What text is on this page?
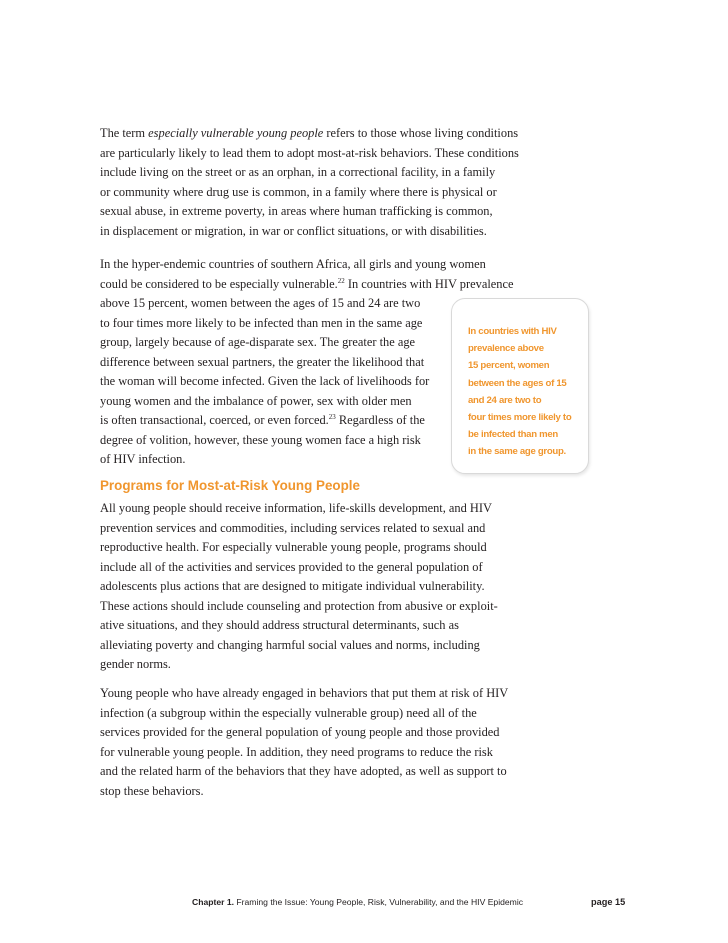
The term especially vulnerable young people refers to those whose living conditions
are particularly likely to lead them to adopt most-at-risk behaviors. These conditions
include living on the street or as an orphan, in a correctional facility, in a family
or community where drug use is common, in a family where there is physical or
sexual abuse, in extreme poverty, in areas where human trafficking is common,
in displacement or migration, in war or conflict situations, or with disabilities.
In the hyper-endemic countries of southern Africa, all girls and young women
could be considered to be especially vulnerable.$^{22}$ In countries with HIV prevalence
above 15 percent, women between the ages of 15 and 24 are two
to four times more likely to be infected than men in the same age
group, largely because of age-disparate sex. The greater the age
difference between sexual partners, the greater the likelihood that
the woman will become infected. Given the lack of livelihoods for
young women and the imbalance of power, sex with older men
is often transactional, coerced, or even forced.$^{23}$ Regardless of the
degree of volition, however, these young women face a high risk
of HIV infection.
In countries with HIV
prevalence above
15 percent, women
between the ages of 15
and 24 are two to
four times more likely to
be infected than men
in the same age group.
Programs for Most-at-Risk Young People
All young people should receive information, life-skills development, and HIV
prevention services and commodities, including services related to sexual and
reproductive health. For especially vulnerable young people, programs should
include all of the activities and services provided to the general population of
adolescents plus actions that are designed to mitigate individual vulnerability.
These actions should include counseling and protection from abusive or exploit-
ative situations, and they should address structural determinants, such as
alleviating poverty and changing harmful social values and norms, including
gender norms.
Young people who have already engaged in behaviors that put them at risk of HIV
infection (a subgroup within the especially vulnerable group) need all of the
services provided for the general population of young people and those provided
for vulnerable young people. In addition, they need programs to reduce the risk
and the related harm of the behaviors that they have adopted, as well as support to
stop these behaviors.
Chapter 1. Framing the Issue: Young People, Risk, Vulnerability, and the HIV Epidemic	page 15
